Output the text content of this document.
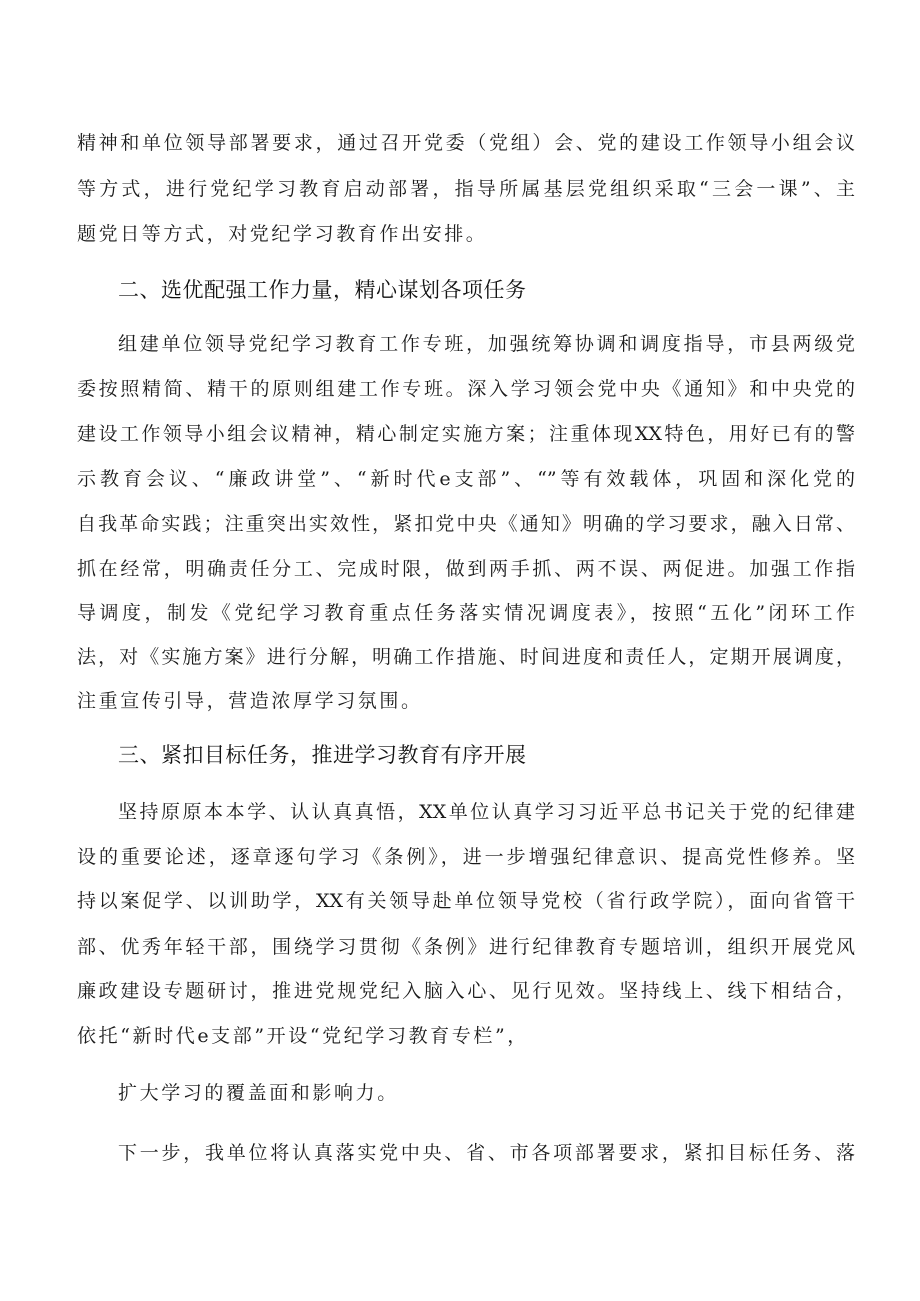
精神和单位领导部署要求，通过召开党委（党组）会、党的建设工作领导小组会议
等方式，进行党纪学习教育启动部署，指导所属基层党组织采取“三会一课”、主
题党日等方式，对党纪学习教育作出安排。
二、选优配强工作力量，精心谋划各项任务
组建单位领导党纪学习教育工作专班，加强统筹协调和调度指导，市县两级党
委按照精简、精干的原则组建工作专班。深入学习领会党中央《通知》和中央党的
建设工作领导小组会议精神，精心制定实施方案；注重体现XX特色，用好已有的警
示教育会议、“廉政讲堂”、“新时代e支部”、“”等有效载体，巩固和深化党的
自我革命实践；注重突出实效性，紧扣党中央《通知》明确的学习要求，融入日常、
抓在经常，明确责任分工、完成时限，做到两手抓、两不误、两促进。加强工作指
导调度，制发《党纪学习教育重点任务落实情况调度表》，按照“五化”闭环工作
法，对《实施方案》进行分解，明确工作措施、时间进度和责任人，定期开展调度，
注重宣传引导，营造浓厚学习氛围。
三、紧扣目标任务，推进学习教育有序开展
坚持原原本本学、认认真真悟，XX单位认真学习习近平总书记关于党的纪律建
设的重要论述，逐章逐句学习《条例》，进一步增强纪律意识、提高党性修养。坚
持以案促学、以训助学，XX有关领导赴单位领导党校（省行政学院），面向省管干
部、优秀年轻干部，围绕学习贯彻《条例》进行纪律教育专题培训，组织开展党风
廉政建设专题研讨，推进党规党纪入脑入心、见行见效。坚持线上、线下相结合，
依托“新时代e支部”开设“党纪学习教育专栏”，
扩大学习的覆盖面和影响力。
下一步，我单位将认真落实党中央、省、市各项部署要求，紧扣目标任务、落
